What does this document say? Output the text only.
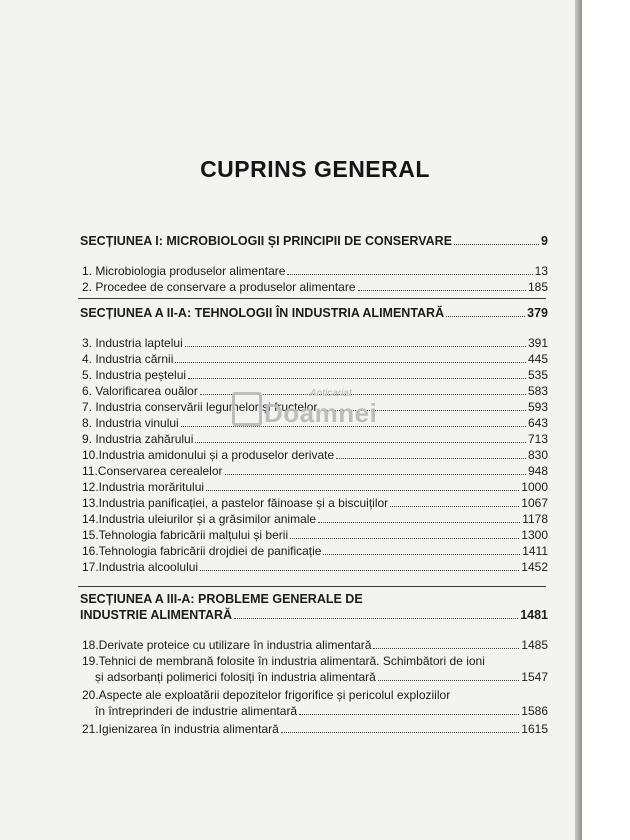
CUPRINS GENERAL
SECȚIUNEA I: MICROBIOLOGII ȘI PRINCIPII DE CONSERVARE	9
1. Microbiologia produselor alimentare	13
2. Procedee de conservare a produselor alimentare	185
SECȚIUNEA A II-A: TEHNOLOGII ÎN INDUSTRIA ALIMENTARĂ	379
3. Industria laptelui	391
4. Industria cărnii	445
5. Industria peștelui	535
6. Valorificarea ouălor	583
7. Industria conservării legumelor și fructelor	593
8. Industria vinului	643
9. Industria zahărului	713
10.Industria amidonului și a produselor derivate	830
11.Conservarea cerealelor	948
12.Industria morăritului	1000
13.Industria panificației, a pastelor făinoase și a biscuiților	1067
14.Industria uleiurilor și a grăsimilor animale	1178
15.Tehnologia fabricării malțului și berii	1300
16.Tehnologia fabricării drojdiei de panificație	1411
17.Industria alcoolului	1452
SECȚIUNEA A III-A: PROBLEME GENERALE DE
INDUSTRIE ALIMENTARĂ	1481
18.Derivate proteice cu utilizare în industria alimentară	1485
19.Tehnici de membrană folosite în industria alimentară. Schimbători de ioni
și adsorbanți polimerici folosiți în industria alimentară	1547
20.Aspecte ale exploatării depozitelor frigorifice și pericolul exploziilor
în întreprinderi de industrie alimentară	1586
21.Igienizarea în industria alimentară	1615
Anticariat
Doamnei
